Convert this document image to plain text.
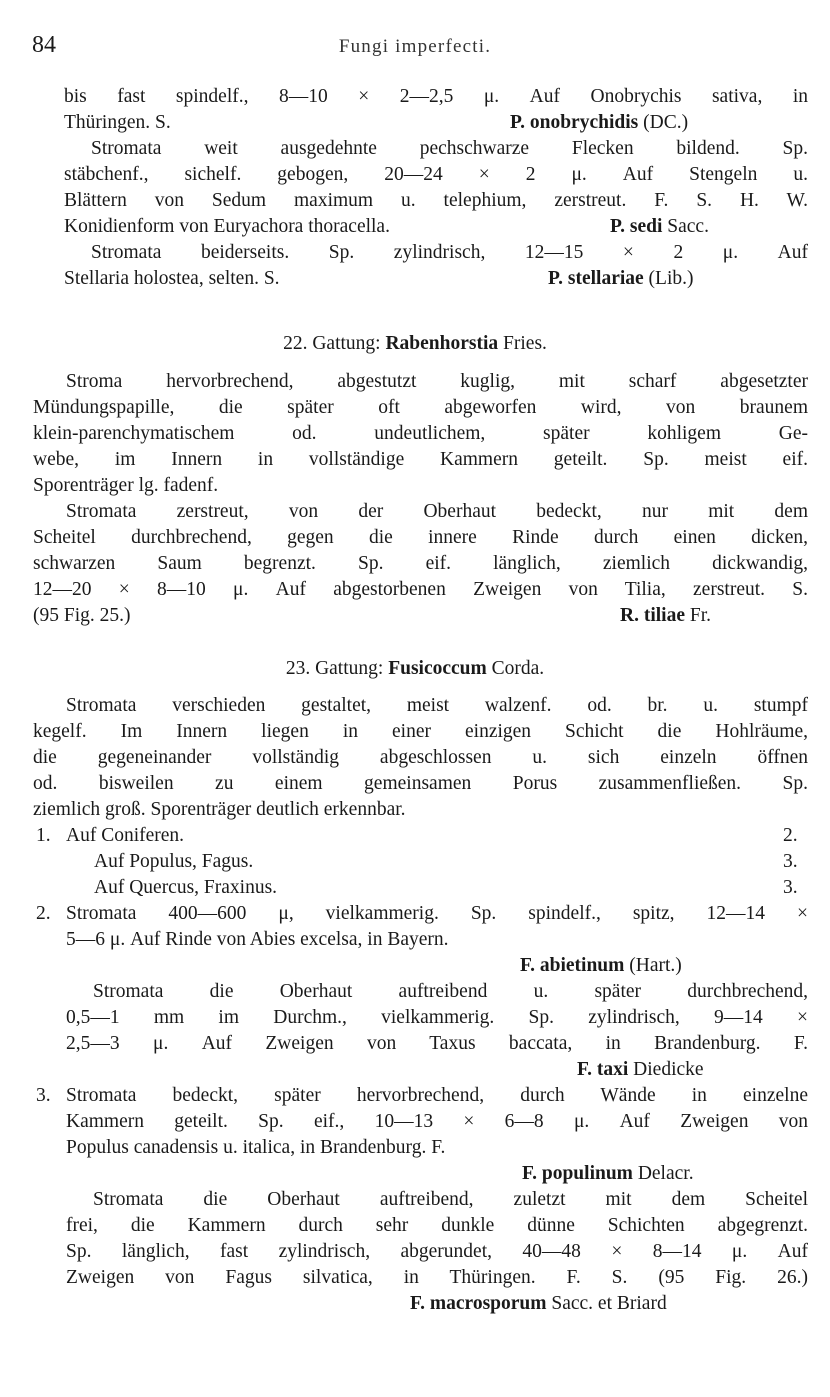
84	Fungi imperfecti.
bis fast spindelf., 8—10 × 2—2,5 μ. Auf Onobrychis sativa, in
Thüringen. S.	P. onobrychidis (DC.)
Stromata weit ausgedehnte pechschwarze Flecken bildend. Sp.
stäbchenf., sichelf. gebogen, 20—24 × 2 μ. Auf Stengeln u.
Blättern von Sedum maximum u. telephium, zerstreut. F. S. H. W.
Konidienform von Euryachora thoracella.	P. sedi Sacc.
Stromata beiderseits. Sp. zylindrisch, 12—15 × 2 μ. Auf
Stellaria holostea, selten. S.	P. stellariae (Lib.)
22. Gattung: Rabenhorstia Fries.
Stroma hervorbrechend, abgestutzt kuglig, mit scharf abgesetzter
Mündungspapille, die später oft abgeworfen wird, von braunem
klein-parenchymatischem od. undeutlichem, später kohligem Ge-
webe, im Innern in vollständige Kammern geteilt. Sp. meist eif.
Sporenträger lg. fadenf.
Stromata zerstreut, von der Oberhaut bedeckt, nur mit dem
Scheitel durchbrechend, gegen die innere Rinde durch einen dicken,
schwarzen Saum begrenzt. Sp. eif. länglich, ziemlich dickwandig,
12—20 × 8—10 μ. Auf abgestorbenen Zweigen von Tilia, zerstreut. S.
(95 Fig. 25.)	R. tiliae Fr.
23. Gattung: Fusicoccum Corda.
Stromata verschieden gestaltet, meist walzenf. od. br. u. stumpf
kegelf. Im Innern liegen in einer einzigen Schicht die Hohlräume,
die gegeneinander vollständig abgeschlossen u. sich einzeln öffnen
od. bisweilen zu einem gemeinsamen Porus zusammenfließen. Sp.
ziemlich groß. Sporenträger deutlich erkennbar.
1. Auf Coniferen.	2.
Auf Populus, Fagus.	3.
Auf Quercus, Fraxinus.	3.
2. Stromata 400—600 μ, vielkammerig. Sp. spindelf., spitz, 12—14 ×
5—6 μ. Auf Rinde von Abies excelsa, in Bayern.
F. abietinum (Hart.)
Stromata die Oberhaut auftreibend u. später durchbrechend,
0,5—1 mm im Durchm., vielkammerig. Sp. zylindrisch, 9—14 ×
2,5—3 μ. Auf Zweigen von Taxus baccata, in Brandenburg. F.
F. taxi Diedicke
3. Stromata bedeckt, später hervorbrechend, durch Wände in einzelne
Kammern geteilt. Sp. eif., 10—13 × 6—8 μ. Auf Zweigen von
Populus canadensis u. italica, in Brandenburg. F.
F. populinum Delacr.
Stromata die Oberhaut auftreibend, zuletzt mit dem Scheitel
frei, die Kammern durch sehr dunkle dünne Schichten abgegrenzt.
Sp. länglich, fast zylindrisch, abgerundet, 40—48 × 8—14 μ. Auf
Zweigen von Fagus silvatica, in Thüringen. F. S. (95 Fig. 26.)
F. macrosporum Sacc. et Briard
